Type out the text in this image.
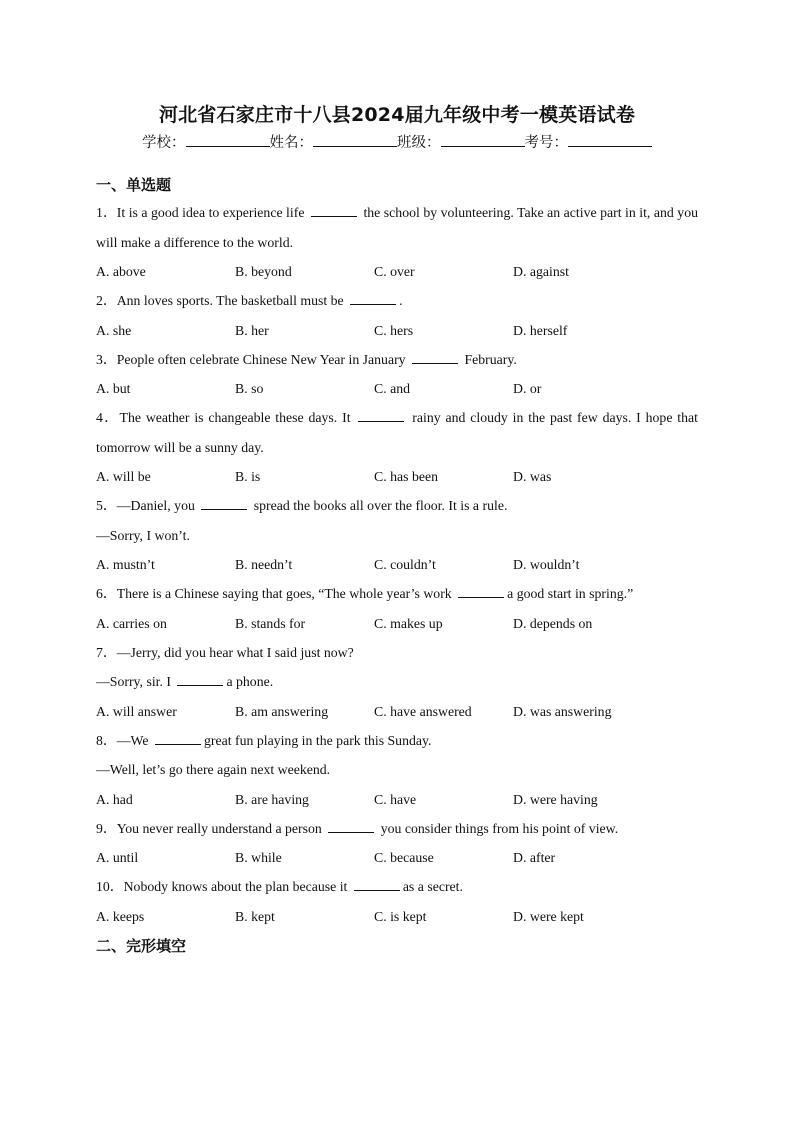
河北省石家庄市十八县2024届九年级中考一模英语试卷
学校：	姓名：	班级：	考号：
一、单选题

1．It is a good idea to experience life	the school by volunteering. Take an active part in it, and you will make a difference to the world.

A. above	B. beyond	C. over	D. against

2．Ann loves sports. The basketball must be	.

A. she	B. her	C. hers	D. herself

3．People often celebrate Chinese New Year in January	February.

A. but	B. so	C. and	D. or

4．The weather is changeable these days. It	rainy and cloudy in the past few days. I hope that tomorrow will be a sunny day.

A. will be	B. is	C. has been	D. was

5．—Daniel, you	spread the books all over the floor. It is a rule.

—Sorry, I won’t.

A. mustn’t	B. needn’t	C. couldn’t	D. wouldn’t

6．There is a Chinese saying that goes, “The whole year’s work	a good start in spring.”

A. carries on	B. stands for	C. makes up	D. depends on

7．—Jerry, did you hear what I said just now?

—Sorry, sir. I	a phone.

A. will answer	B. am answering	C. have answered	D. was answering

8．—We	great fun playing in the park this Sunday.

—Well, let’s go there again next weekend.

A. had	B. are having	C. have	D. were having

9．You never really understand a person	you consider things from his point of view.

A. until	B. while	C. because	D. after

10．Nobody knows about the plan because it	as a secret.

A. keeps	B. kept	C. is kept	D. were kept
二、完形填空
